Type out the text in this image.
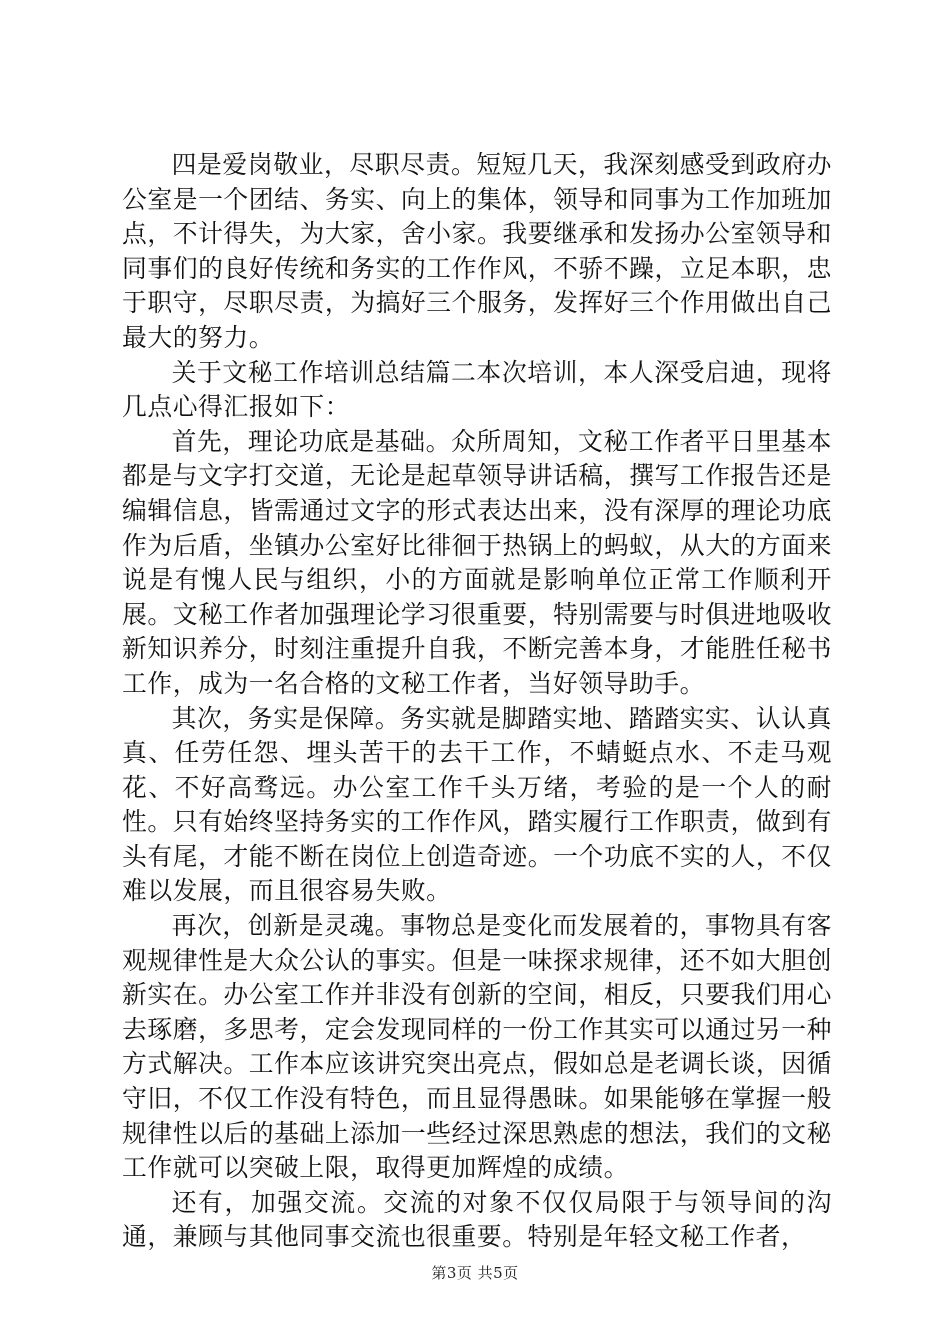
四是爱岗敬业，尽职尽责。短短几天，我深刻感受到政府办公室是一个团结、务实、向上的集体，领导和同事为工作加班加点，不计得失，为大家，舍小家。我要继承和发扬办公室领导和同事们的良好传统和务实的工作作风，不骄不躁，立足本职，忠于职守，尽职尽责，为搞好三个服务，发挥好三个作用做出自己最大的努力。

关于文秘工作培训总结篇二本次培训，本人深受启迪，现将几点心得汇报如下：

首先，理论功底是基础。众所周知，文秘工作者平日里基本都是与文字打交道，无论是起草领导讲话稿，撰写工作报告还是编辑信息，皆需通过文字的形式表达出来，没有深厚的理论功底作为后盾，坐镇办公室好比徘徊于热锅上的蚂蚁，从大的方面来说是有愧人民与组织，小的方面就是影响单位正常工作顺利开展。文秘工作者加强理论学习很重要，特别需要与时俱进地吸收新知识养分，时刻注重提升自我，不断完善本身，才能胜任秘书工作，成为一名合格的文秘工作者，当好领导助手。

其次，务实是保障。务实就是脚踏实地、踏踏实实、认认真真、任劳任怨、埋头苦干的去干工作，不蜻蜓点水、不走马观花、不好高骛远。办公室工作千头万绪，考验的是一个人的耐性。只有始终坚持务实的工作作风，踏实履行工作职责，做到有头有尾，才能不断在岗位上创造奇迹。一个功底不实的人，不仅难以发展，而且很容易失败。

再次，创新是灵魂。事物总是变化而发展着的，事物具有客观规律性是大众公认的事实。但是一味探求规律，还不如大胆创新实在。办公室工作并非没有创新的空间，相反，只要我们用心去琢磨，多思考，定会发现同样的一份工作其实可以通过另一种方式解决。工作本应该讲究突出亮点，假如总是老调长谈，因循守旧，不仅工作没有特色，而且显得愚昧。如果能够在掌握一般规律性以后的基础上添加一些经过深思熟虑的想法，我们的文秘工作就可以突破上限，取得更加辉煌的成绩。

还有，加强交流。交流的对象不仅仅局限于与领导间的沟通，兼顾与其他同事交流也很重要。特别是年轻文秘工作者，

第3页 共5页
